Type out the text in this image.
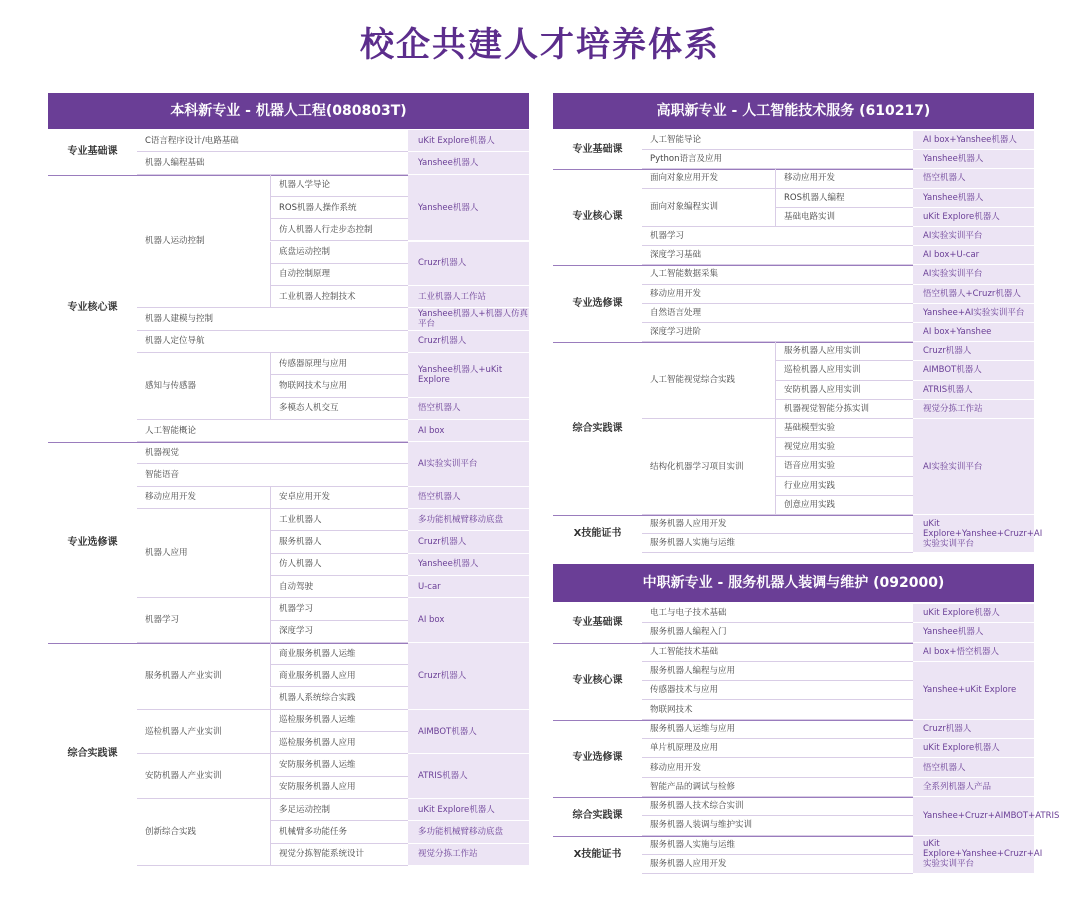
校企共建人才培养体系
本科新专业 - 机器人工程(080803T)
专业基础课
专业核心课
专业选修课
综合实践课
C语言程序设计/电路基础
机器人编程基础
机器人运动控制
机器人建模与控制
机器人定位导航
感知与传感器
人工智能概论
机器视觉
智能语音
移动应用开发
机器人应用
机器学习
服务机器人产业实训
巡检机器人产业实训
安防机器人产业实训
创新综合实践
机器人学导论
ROS机器人操作系统
仿人机器人行走步态控制
底盘运动控制
自动控制原理
工业机器人控制技术
传感器原理与应用
物联网技术与应用
多模态人机交互
安卓应用开发
工业机器人
服务机器人
仿人机器人
自动驾驶
机器学习
深度学习
商业服务机器人运维
商业服务机器人应用
机器人系统综合实践
巡检服务机器人运维
巡检服务机器人应用
安防服务机器人运维
安防服务机器人应用
多足运动控制
机械臂多功能任务
视觉分拣智能系统设计
uKit Explore机器人
Yanshee机器人
Yanshee机器人
Cruzr机器人
工业机器人工作站
Yanshee机器人+机器人仿真平台
Cruzr机器人
Yanshee机器人+uKit Explore
悟空机器人
AI box
AI实验实训平台
悟空机器人
多功能机械臂移动底盘
Cruzr机器人
Yanshee机器人
U-car
AI box
Cruzr机器人
AIMBOT机器人
ATRIS机器人
uKit Explore机器人
多功能机械臂移动底盘
视觉分拣工作站
高职新专业 - 人工智能技术服务 (610217)
专业基础课
专业核心课
专业选修课
综合实践课
X技能证书
人工智能导论
Python语言及应用
面向对象应用开发
面向对象编程实训
机器学习
深度学习基础
人工智能数据采集
移动应用开发
自然语言处理
深度学习进阶
人工智能视觉综合实践
结构化机器学习项目实训
服务机器人应用开发
服务机器人实施与运维
移动应用开发
ROS机器人编程
基础电路实训
服务机器人应用实训
巡检机器人应用实训
安防机器人应用实训
机器视觉智能分拣实训
基础模型实验
视觉应用实验
语音应用实验
行业应用实践
创意应用实践
AI box+Yanshee机器人
Yanshee机器人
悟空机器人
Yanshee机器人
uKit Explore机器人
AI实验实训平台
AI box+U-car
AI实验实训平台
悟空机器人+Cruzr机器人
Yanshee+AI实验实训平台
AI box+Yanshee
Cruzr机器人
AIMBOT机器人
ATRIS机器人
视觉分拣工作站
AI实验实训平台
uKit Explore+Yanshee+Cruzr+AI实验实训平台
中职新专业 - 服务机器人装调与维护 (092000)
专业基础课
专业核心课
专业选修课
综合实践课
X技能证书
电工与电子技术基础
服务机器人编程入门
人工智能技术基础
服务机器人编程与应用
传感器技术与应用
物联网技术
服务机器人运维与应用
单片机原理及应用
移动应用开发
智能产品的调试与检修
服务机器人技术综合实训
服务机器人装调与维护实训
服务机器人实施与运维
服务机器人应用开发
uKit Explore机器人
Yanshee机器人
AI box+悟空机器人
Yanshee+uKit Explore
Cruzr机器人
uKit Explore机器人
悟空机器人
全系列机器人产品
Yanshee+Cruzr+AIMBOT+ATRIS
uKit Explore+Yanshee+Cruzr+AI实验实训平台
